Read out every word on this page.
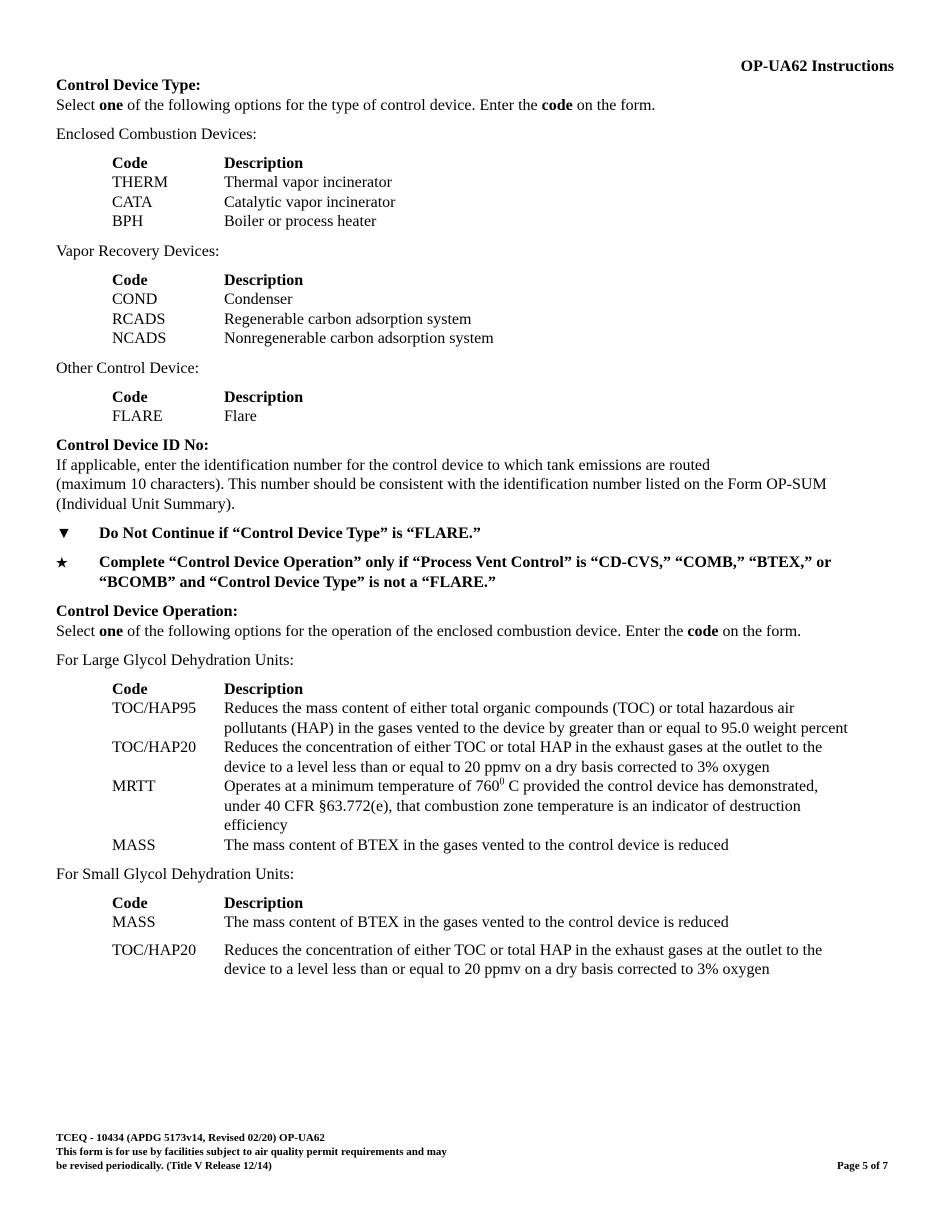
OP-UA62 Instructions

Control Device Type:

Select one of the following options for the type of control device. Enter the code on the form.

Enclosed Combustion Devices:

Code	Description
THERM	Thermal vapor incinerator
CATA	Catalytic vapor incinerator
BPH	Boiler or process heater

Vapor Recovery Devices:

Code	Description
COND	Condenser
RCADS	Regenerable carbon adsorption system
NCADS	Nonregenerable carbon adsorption system

Other Control Device:

Code	Description
FLARE	Flare

Control Device ID No:

If applicable, enter the identification number for the control device to which tank emissions are routed

(maximum 10 characters). This number should be consistent with the identification number listed on the Form OP-SUM

(Individual Unit Summary).

▼	Do Not Continue if “Control Device Type” is “FLARE.”
★	Complete “Control Device Operation” only if “Process Vent Control” is “CD-CVS,” “COMB,” “BTEX,” or
“BCOMB” and “Control Device Type” is not a “FLARE.”

Control Device Operation:

Select one of the following options for the operation of the enclosed combustion device. Enter the code on the form.

For Large Glycol Dehydration Units:

Code	Description
TOC/HAP95	Reduces the mass content of either total organic compounds (TOC) or total hazardous air
pollutants (HAP) in the gases vented to the device by greater than or equal to 95.0 weight percent

TOC/HAP20	Reduces the concentration of either TOC or total HAP in the exhaust gases at the outlet to the
device to a level less than or equal to 20 ppmv on a dry basis corrected to 3% oxygen

MRTT	Operates at a minimum temperature of $760^0$ C provided the control device has demonstrated,
under 40 CFR §63.772(e), that combustion zone temperature is an indicator of destruction
efficiency

MASS	The mass content of BTEX in the gases vented to the control device is reduced

For Small Glycol Dehydration Units:

Code	Description
MASS	The mass content of BTEX in the gases vented to the control device is reduced

TOC/HAP20	Reduces the concentration of either TOC or total HAP in the exhaust gases at the outlet to the
device to a level less than or equal to 20 ppmv on a dry basis corrected to 3% oxygen
TCEQ - 10434 (APDG 5173v14, Revised 02/20) OP-UA62
This form is for use by facilities subject to air quality permit requirements and may
be revised periodically. (Title V Release 12/14)	Page 5 of 7
